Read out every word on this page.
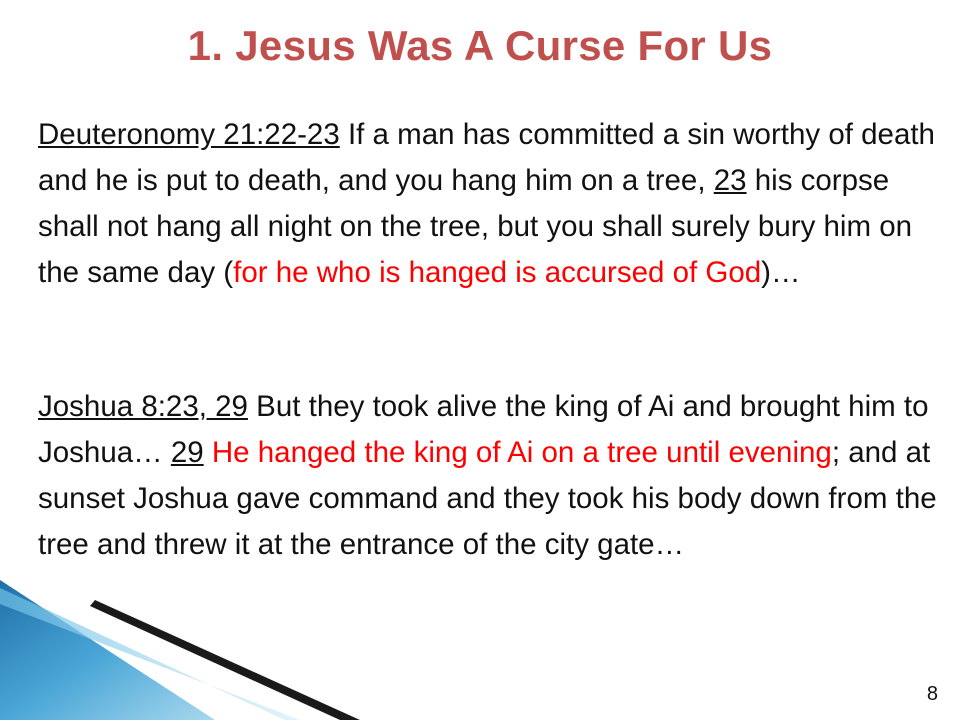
1. Jesus Was A Curse For Us

Deuteronomy 21:22-23 If a man has committed a sin worthy of death and he is put to death, and you hang him on a tree, 23 his corpse shall not hang all night on the tree, but you shall surely bury him on the same day (for he who is hanged is accursed of God)…

Joshua 8:23, 29 But they took alive the king of Ai and brought him to Joshua… 29 He hanged the king of Ai on a tree until evening; and at sunset Joshua gave command and they took his body down from the tree and threw it at the entrance of the city gate…

8
